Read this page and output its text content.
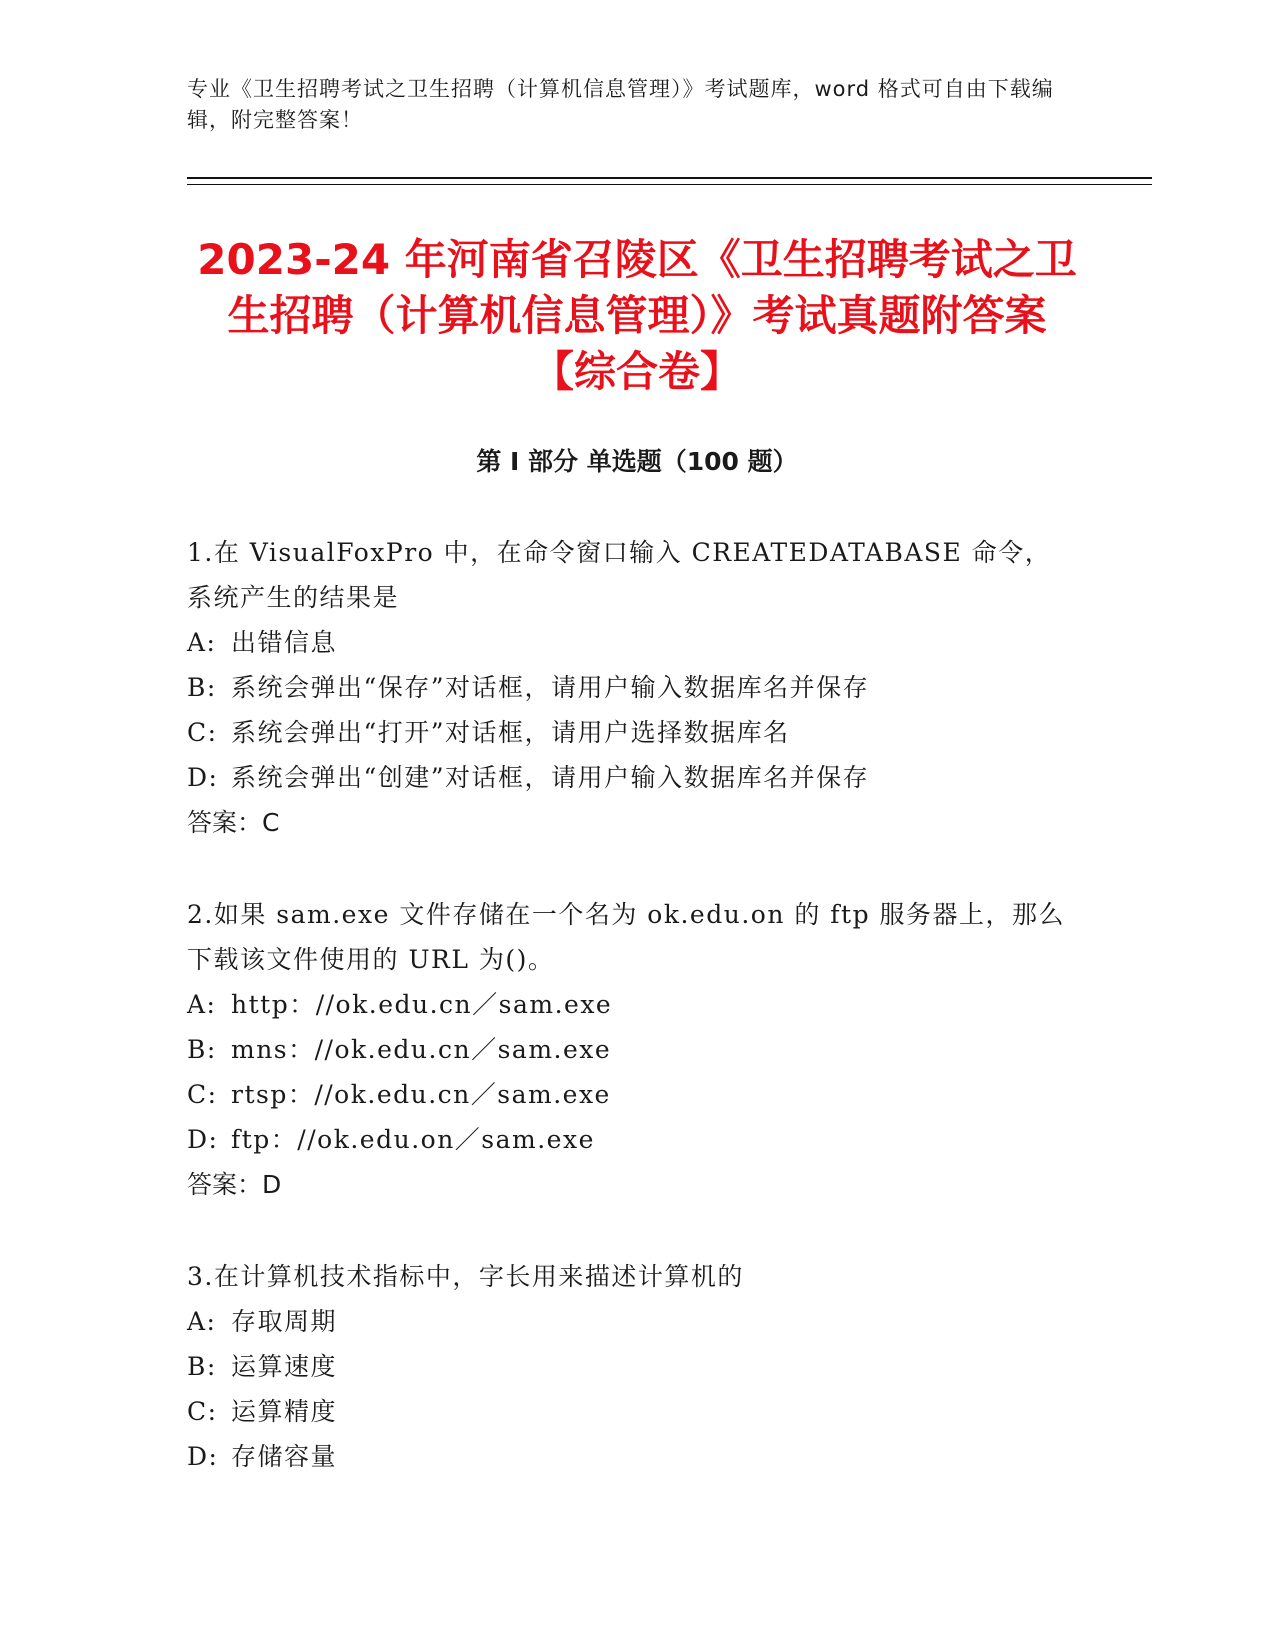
专业《卫生招聘考试之卫生招聘（计算机信息管理）》考试题库，word 格式可自由下载编辑，附完整答案！
2023-24 年河南省召陵区《卫生招聘考试之卫生招聘（计算机信息管理）》考试真题附答案【综合卷】
第 I 部分 单选题（100 题）

1.在 VisualFoxPro 中，在命令窗口输入 CREATEDATABASE 命令，系统产生的结果是

A: 出错信息
B: 系统会弹出“保存”对话框，请用户输入数据库名并保存
C: 系统会弹出“打开”对话框，请用户选择数据库名
D: 系统会弹出“创建”对话框，请用户输入数据库名并保存
答案：C

2.如果 sam.exe 文件存储在一个名为 ok.edu.on 的 ftp 服务器上，那么下载该文件使用的 URL 为()。

A: http：//ok.edu.cn／sam.exe
B: mns：//ok.edu.cn／sam.exe
C: rtsp：//ok.edu.cn／sam.exe
D: ftp：//ok.edu.on／sam.exe
答案：D

3.在计算机技术指标中，字长用来描述计算机的

A: 存取周期
B: 运算速度
C: 运算精度
D: 存储容量
